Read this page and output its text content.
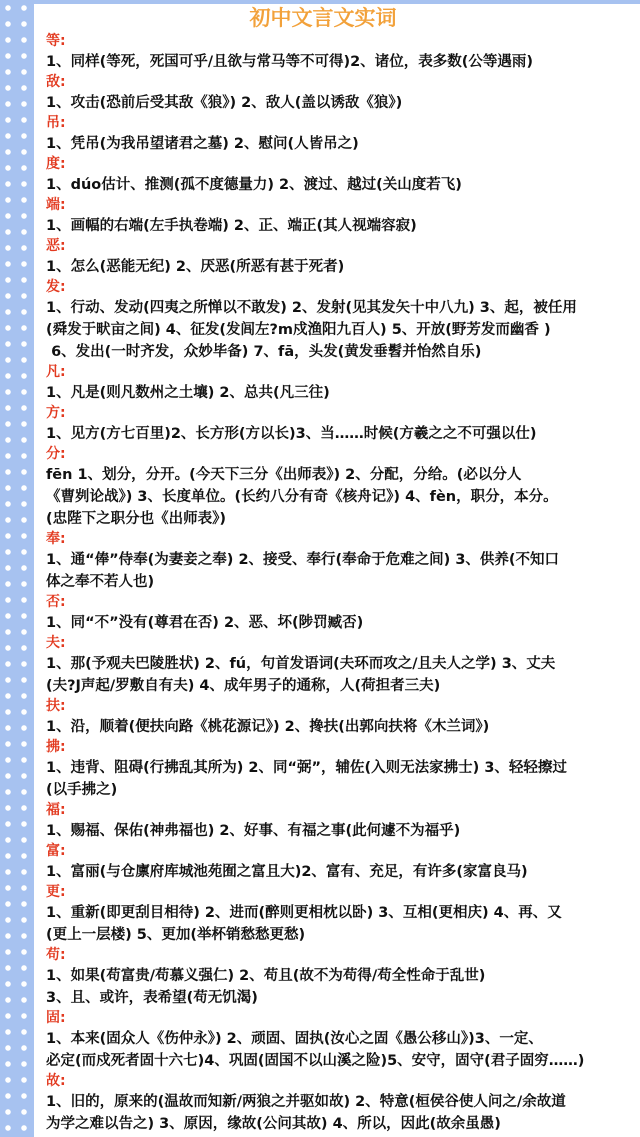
初中文言文实词
等:
1、同样(等死，死国可乎/且欲与常马等不可得)2、诸位，表多数(公等遇雨)
敌:
1、攻击(恐前后受其敌《狼》) 2、敌人(盖以诱敌《狼》)
吊:
1、凭吊(为我吊望诸君之墓) 2、慰问(人皆吊之)
度:
1、dúo估计、推测(孤不度德量力) 2、渡过、越过(关山度若飞)
端:
1、画幅的右端(左手执卷端) 2、正、端正(其人视端容寂)
恶:
1、怎么(恶能无纪) 2、厌恶(所恶有甚于死者)
发:
1、行动、发动(四夷之所惮以不敢发) 2、发射(见其发矢十中八九) 3、起，被任用
(舜发于畎亩之间) 4、征发(发闾左?m戍渔阳九百人) 5、开放(野芳发而幽香 )
6、发出(一时齐发，众妙毕备) 7、fā，头发(黄发垂髫并怡然自乐)
凡:
1、凡是(则凡数州之土壤) 2、总共(凡三往)
方:
1、见方(方七百里)2、长方形(方以长)3、当……时候(方羲之之不可强以仕)
分:
fēn 1、划分，分开。(今天下三分《出师表》) 2、分配，分给。(必以分人
《曹刿论战》) 3、长度单位。(长约八分有奇《核舟记》) 4、fèn，职分，本分。
(忠陛下之职分也《出师表》)
奉:
1、通“俸”侍奉(为妻妾之奉) 2、接受、奉行(奉命于危难之间) 3、供养(不知口
体之奉不若人也)
否:
1、同“不”没有(尊君在否) 2、恶、坏(陟罚臧否)
夫:
1、那(予观夫巴陵胜状) 2、fú，句首发语词(夫环而攻之/且夫人之学) 3、丈夫
(夫?J声起/罗敷自有夫) 4、成年男子的通称，人(荷担者三夫)
扶:
1、沿，顺着(便扶向路《桃花源记》) 2、搀扶(出郭向扶将《木兰词》)
拂:
1、违背、阻碍(行拂乱其所为) 2、同“弼”，辅佐(入则无法家拂士) 3、轻轻擦过
(以手拂之)
福:
1、赐福、保佑(神弗福也) 2、好事、有福之事(此何遽不为福乎)
富:
1、富丽(与仓廪府库城池苑囿之富且大)2、富有、充足，有许多(家富良马)
更:
1、重新(即更刮目相待) 2、进而(醉则更相枕以卧) 3、互相(更相庆) 4、再、又
(更上一层楼) 5、更加(举杯销愁愁更愁)
苟:
1、如果(苟富贵/苟慕义强仁) 2、苟且(故不为苟得/苟全性命于乱世)
3、且、或许，表希望(苟无饥渴)
固:
1、本来(固众人《伤仲永》) 2、顽固、固执(汝心之固《愚公移山》)3、一定、
必定(而戍死者固十六七)4、巩固(固国不以山溪之险)5、安守，固守(君子固穷……)
故:
1、旧的，原来的(温故而知新/两狼之并驱如故) 2、特意(桓侯谷使人问之/余故道
为学之难以告之) 3、原因，缘故(公问其故) 4、所以，因此(故余虽愚)
